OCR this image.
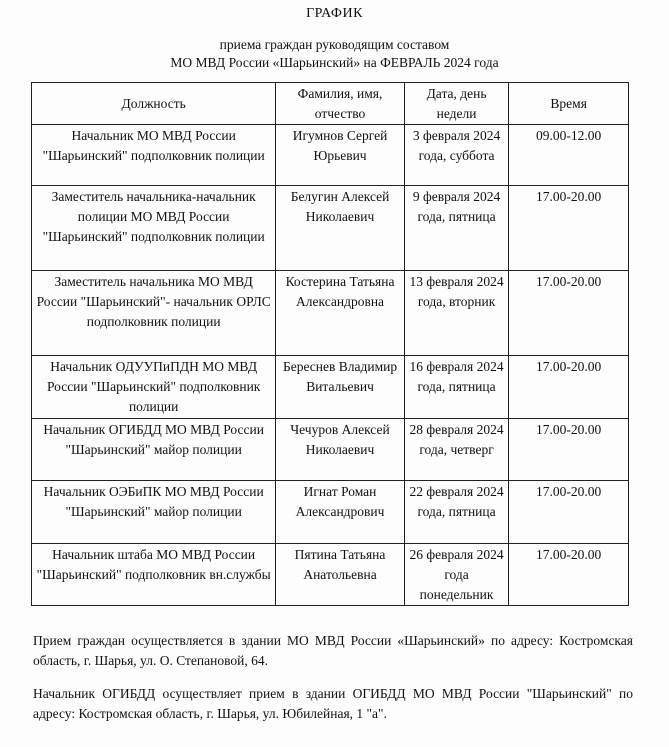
ГРАФИК
приема граждан руководящим составом
МО МВД России «Шарьинский» на ФЕВРАЛЬ 2024 года
Должность	Фамилия, имя, отчество	Дата, день недели	Время
Начальник МО МВД России "Шарьинский" подполковник полиции	Игумнов Сергей Юрьевич	3 февраля 2024 года, суббота	09.00-12.00
Заместитель начальника-начальник полиции МО МВД России "Шарьинский" подполковник полиции	Белугин Алексей Николаевич	9 февраля 2024 года, пятница	17.00-20.00
Заместитель начальника МО МВД России "Шарьинский"- начальник ОРЛС подполковник полиции	Костерина Татьяна Александровна	13 февраля 2024 года, вторник	17.00-20.00
Начальник ОДУУПиПДН МО МВД России "Шарьинский" подполковник полиции	Береснев Владимир Витальевич	16 февраля 2024 года, пятница	17.00-20.00
Начальник ОГИБДД МО МВД России "Шарьинский" майор полиции	Чечуров Алексей Николаевич	28 февраля 2024 года, четверг	17.00-20.00
Начальник ОЭБиПК МО МВД России "Шарьинский" майор полиции	Игнат Роман Александрович	22 февраля 2024 года, пятница	17.00-20.00
Начальник штаба МО МВД России "Шарьинский" подполковник вн.службы	Пятина Татьяна Анатольевна	26 февраля 2024 года понедельник	17.00-20.00
Прием граждан осуществляется в здании МО МВД России «Шарьинский» по адресу: Костромская область, г. Шарья, ул. О. Степановой, 64.
Начальник ОГИБДД осуществляет прием в здании ОГИБДД МО МВД России "Шарьинский" по адресу: Костромская область, г. Шарья, ул. Юбилейная, 1 "а".
